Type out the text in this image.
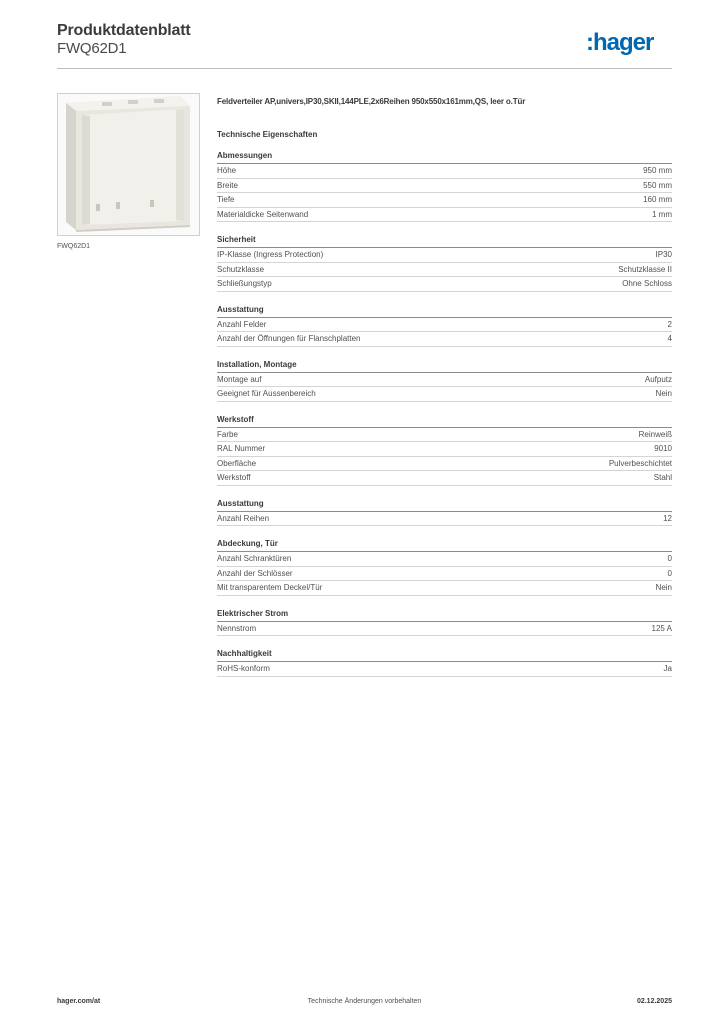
Produktdatenblatt
FWQ62D1	:hager
FWQ62D1

Feldverteiler AP,univers,IP30,SKII,144PLE,2x6Reihen 950x550x161mm,QS, leer o.Tür

Technische Eigenschaften
Abmessungen
Höhe	950 mm
Breite	550 mm
Tiefe	160 mm
Materialdicke Seitenwand	1 mm
Sicherheit
IP-Klasse (Ingress Protection)	IP30
Schutzklasse	Schutzklasse II
Schließungstyp	Ohne Schloss
Ausstattung
Anzahl Felder	2
Anzahl der Öffnungen für Flanschplatten	4
Installation, Montage
Montage auf	Aufputz
Geeignet für Aussenbereich	Nein
Werkstoff
Farbe	Reinweiß
RAL Nummer	9010
Oberfläche	Pulverbeschichtet
Werkstoff	Stahl
Ausstattung
Anzahl Reihen	12
Abdeckung, Tür
Anzahl Schranktüren	0
Anzahl der Schlösser	0
Mit transparentem Deckel/Tür	Nein
Elektrischer Strom
Nennstrom	125 A
Nachhaltigkeit
RoHS-konform	Ja
hager.com/at	Technische Änderungen vorbehalten	02.12.2025
